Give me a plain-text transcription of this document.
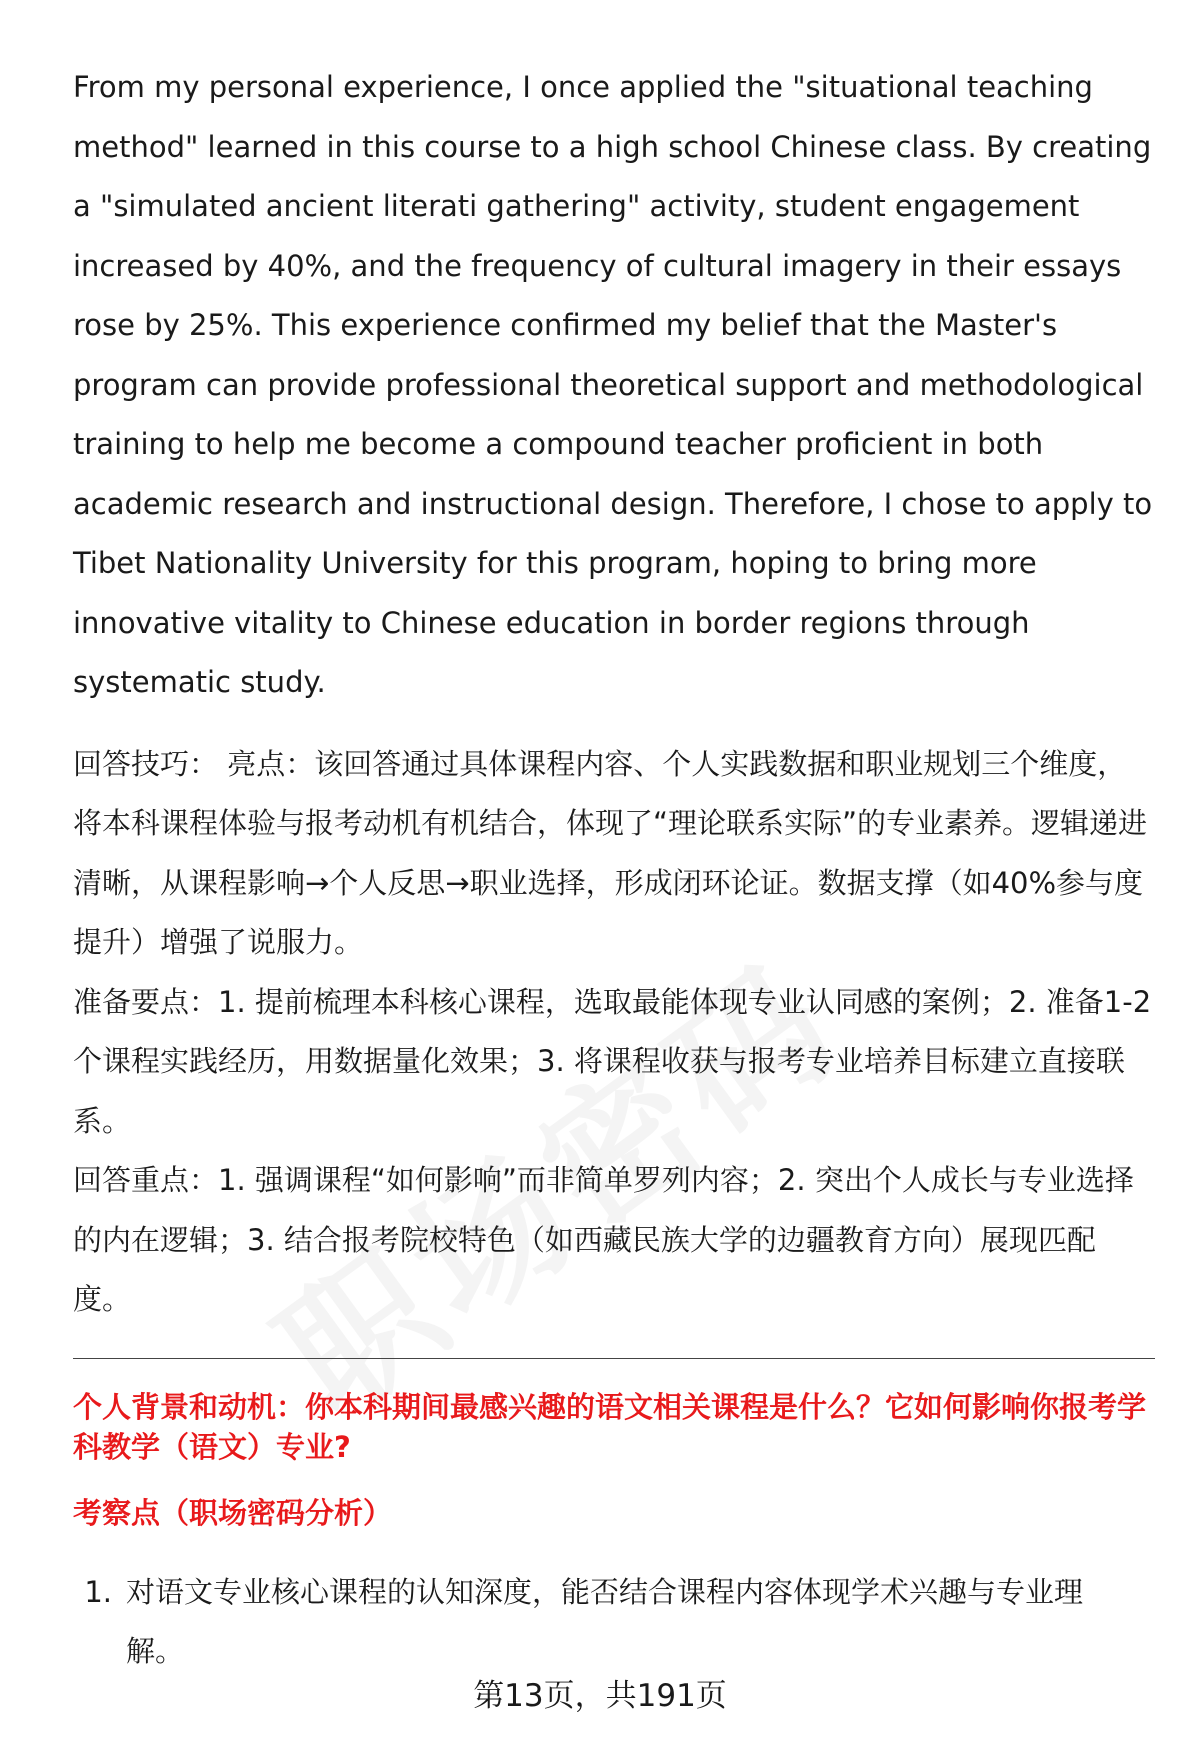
From my personal experience, I once applied the "situational teaching method" learned in this course to a high school Chinese class. By creating a "simulated ancient literati gathering" activity, student engagement increased by 40%, and the frequency of cultural imagery in their essays rose by 25%. This experience confirmed my belief that the Master's program can provide professional theoretical support and methodological training to help me become a compound teacher proficient in both academic research and instructional design. Therefore, I chose to apply to Tibet Nationality University for this program, hoping to bring more innovative vitality to Chinese education in border regions through systematic study.

回答技巧： 亮点：该回答通过具体课程内容、个人实践数据和职业规划三个维度，将本科课程体验与报考动机有机结合，体现了“理论联系实际”的专业素养。逻辑递进清晰，从课程影响→个人反思→职业选择，形成闭环论证。数据支撑（如40%参与度提升）增强了说服力。

准备要点：1. 提前梳理本科核心课程，选取最能体现专业认同感的案例；2. 准备1-2个课程实践经历，用数据量化效果；3. 将课程收获与报考专业培养目标建立直接联系。

回答重点：1. 强调课程“如何影响”而非简单罗列内容；2. 突出个人成长与专业选择的内在逻辑；3. 结合报考院校特色（如西藏民族大学的边疆教育方向）展现匹配度。

个人背景和动机：你本科期间最感兴趣的语文相关课程是什么？它如何影响你报考学科教学（语文）专业?
考察点（职场密码分析）
1. 对语文专业核心课程的认知深度，能否结合课程内容体现学术兴趣与专业理解。
第13页，共191页
